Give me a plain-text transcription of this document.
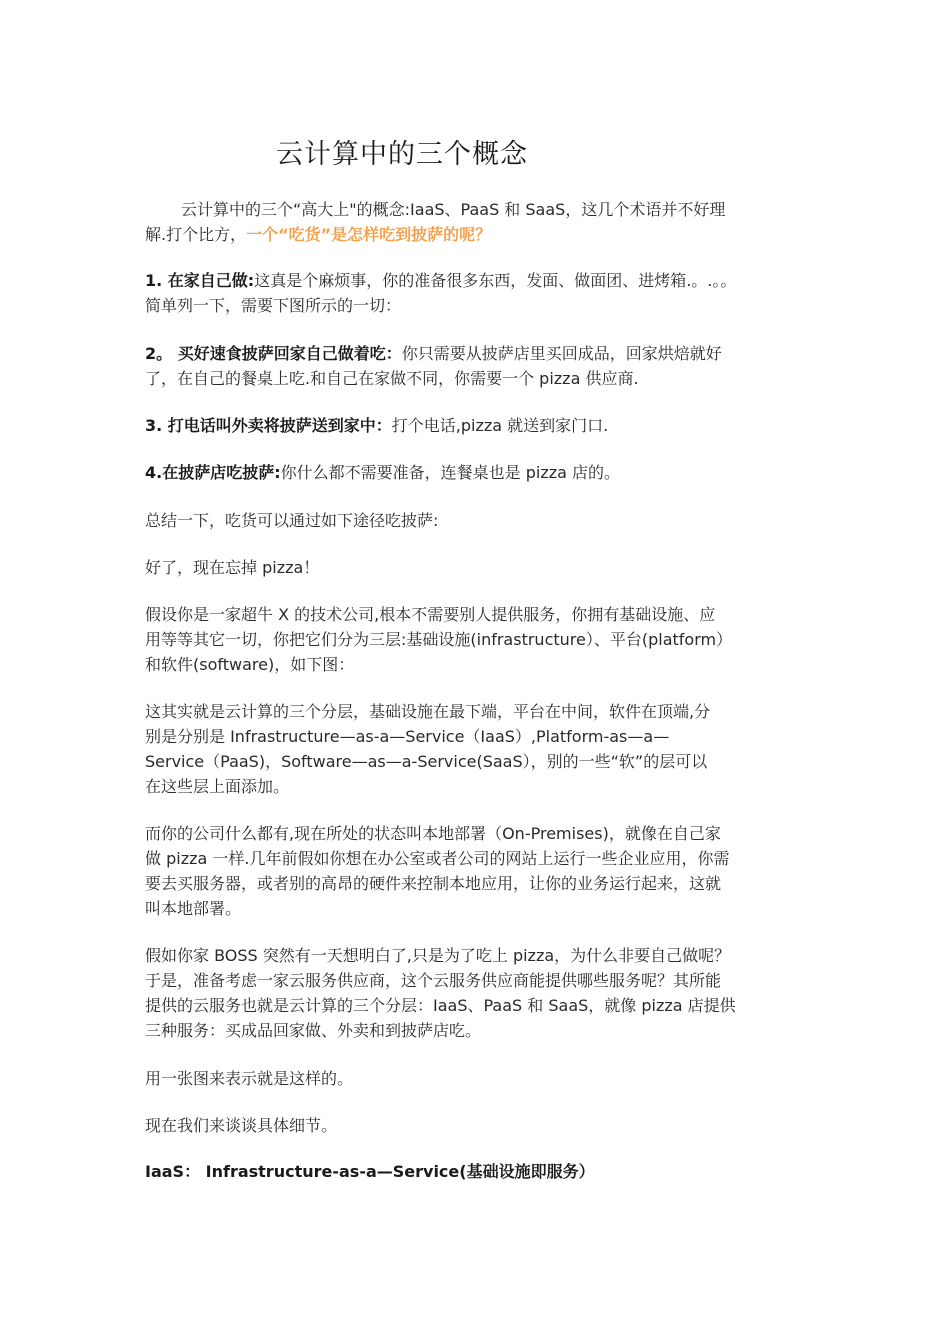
云计算中的三个概念
云计算中的三个“高大上"的概念:IaaS、PaaS 和 SaaS，这几个术语并不好理
解.打个比方，一个“吃货”是怎样吃到披萨的呢？
1. 在家自己做:这真是个麻烦事，你的准备很多东西，发面、做面团、进烤箱.。.。。
简单列一下，需要下图所示的一切：
2。 买好速食披萨回家自己做着吃：你只需要从披萨店里买回成品，回家烘焙就好
了，在自己的餐桌上吃.和自己在家做不同，你需要一个 pizza 供应商.
3. 打电话叫外卖将披萨送到家中：打个电话,pizza 就送到家门口.
4.在披萨店吃披萨:你什么都不需要准备，连餐桌也是 pizza 店的。
总结一下，吃货可以通过如下途径吃披萨:
好了，现在忘掉 pizza！
假设你是一家超牛 X 的技术公司,根本不需要别人提供服务，你拥有基础设施、应
用等等其它一切，你把它们分为三层:基础设施(infrastructure）、平台(platform）
和软件(software)，如下图：
这其实就是云计算的三个分层，基础设施在最下端，平台在中间，软件在顶端,分
别是分别是 Infrastructure—as-a—Service（IaaS）,Platform-as—a—
Service（PaaS)，Software—as—a-Service(SaaS），别的一些“软”的层可以
在这些层上面添加。
而你的公司什么都有,现在所处的状态叫本地部署（On-Premises)，就像在自己家
做 pizza 一样.几年前假如你想在办公室或者公司的网站上运行一些企业应用，你需
要去买服务器，或者别的高昂的硬件来控制本地应用，让你的业务运行起来，这就
叫本地部署。
假如你家 BOSS 突然有一天想明白了,只是为了吃上 pizza，为什么非要自己做呢？
于是，准备考虑一家云服务供应商，这个云服务供应商能提供哪些服务呢？其所能
提供的云服务也就是云计算的三个分层：IaaS、PaaS 和 SaaS，就像 pizza 店提供
三种服务：买成品回家做、外卖和到披萨店吃。
用一张图来表示就是这样的。
现在我们来谈谈具体细节。
IaaS： Infrastructure-as-a—Service(基础设施即服务）
